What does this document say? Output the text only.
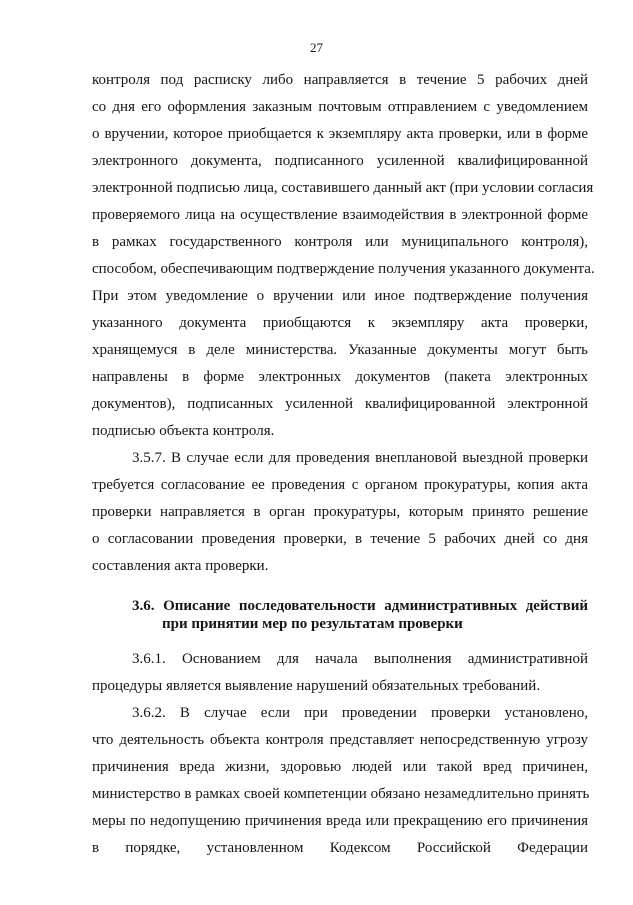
27
контроля под расписку либо направляется в течение 5 рабочих дней
со дня его оформления заказным почтовым отправлением с уведомлением
о вручении, которое приобщается к экземпляру акта проверки, или в форме
электронного документа, подписанного усиленной квалифицированной
электронной подписью лица, составившего данный акт (при условии согласия
проверяемого лица на осуществление взаимодействия в электронной форме
в рамках государственного контроля или муниципального контроля),
способом, обеспечивающим подтверждение получения указанного документа.
При этом уведомление о вручении или иное подтверждение получения
указанного документа приобщаются к экземпляру акта проверки,
хранящемуся в деле министерства. Указанные документы могут быть
направлены в форме электронных документов (пакета электронных
документов), подписанных усиленной квалифицированной электронной
подписью объекта контроля.
3.5.7. В случае если для проведения внеплановой выездной проверки
требуется согласование ее проведения с органом прокуратуры, копия акта
проверки направляется в орган прокуратуры, которым принято решение
о согласовании проведения проверки, в течение 5 рабочих дней со дня
составления акта проверки.
3.6. Описание последовательности административных действий
при принятии мер по результатам проверки
3.6.1. Основанием для начала выполнения административной
процедуры является выявление нарушений обязательных требований.
3.6.2. В случае если при проведении проверки установлено,
что деятельность объекта контроля представляет непосредственную угрозу
причинения вреда жизни, здоровью людей или такой вред причинен,
министерство в рамках своей компетенции обязано незамедлительно принять
меры по недопущению причинения вреда или прекращению его причинения
в порядке, установленном Кодексом Российской Федерации
